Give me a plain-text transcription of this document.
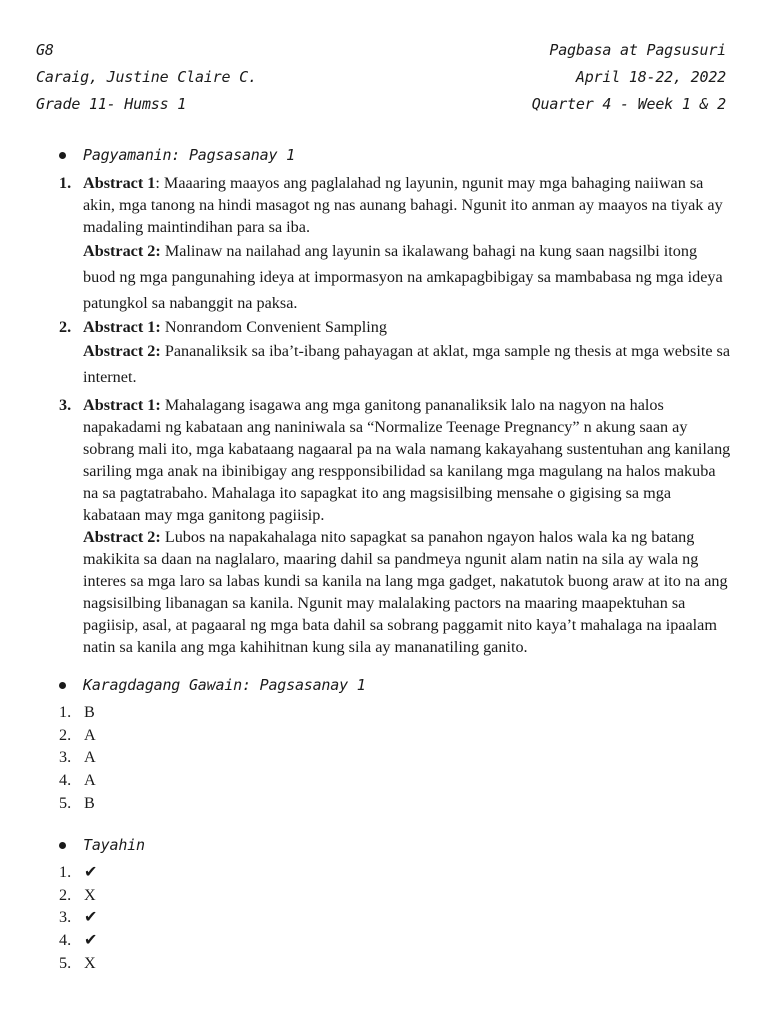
G8	Pagbasa at Pagsusuri
Caraig, Justine Claire C.	April 18-22, 2022
Grade 11- Humss 1	Quarter 4 - Week 1 & 2
Pagyamanin: Pagsasanay 1
1. Abstract 1: Maaaring maayos ang paglalahad ng layunin, ngunit may mga bahaging naiiwan sa akin, mga tanong na hindi masagot ng nas aunang bahagi. Ngunit ito anman ay maayos na tiyak ay madaling maintindihan para sa iba.

Abstract 2: Malinaw na nailahad ang layunin sa ikalawang bahagi na kung saan nagsilbi itong buod ng mga pangunahing ideya at impormasyon na amkapagbibigay sa mambabasa ng mga ideya patungkol sa nabanggit na paksa.

2. Abstract 1: Nonrandom Convenient Sampling

Abstract 2: Pananaliksik sa iba’t-ibang pahayagan at aklat, mga sample ng thesis at mga website sa internet.

3. Abstract 1: Mahalagang isagawa ang mga ganitong pananaliksik lalo na nagyon na halos napakadami ng kabataan ang naniniwala sa “Normalize Teenage Pregnancy” n akung saan ay sobrang mali ito, mga kabataang nagaaral pa na wala namang kakayahang sustentuhan ang kanilang sariling mga anak na ibinibigay ang respponsibilidad sa kanilang mga magulang na halos makuba na sa pagtatrabaho. Mahalaga ito sapagkat ito ang magsisilbing mensahe o gigising sa mga kabataan may mga ganitong pagiisip.

Abstract 2: Lubos na napakahalaga nito sapagkat sa panahon ngayon halos wala ka ng batang makikita sa daan na naglalaro, maaring dahil sa pandmeya ngunit alam natin na sila ay wala ng interes sa mga laro sa labas kundi sa kanila na lang mga gadget, nakatutok buong araw at ito na ang nagsisilbing libanagan sa kanila. Ngunit may malalaking pactors na maaring maapektuhan sa pagiisip, asal, at pagaaral ng mga bata dahil sa sobrang paggamit nito kaya’t mahalaga na ipaalam natin sa kanila ang mga kahihitnan kung sila ay mananatiling ganito.

Karagdagang Gawain: Pagsasanay 1
1. B
2. A
3. A
4. A
5. B
Tayahin
1. ✔
2. X
3. ✔
4. ✔
5. X
